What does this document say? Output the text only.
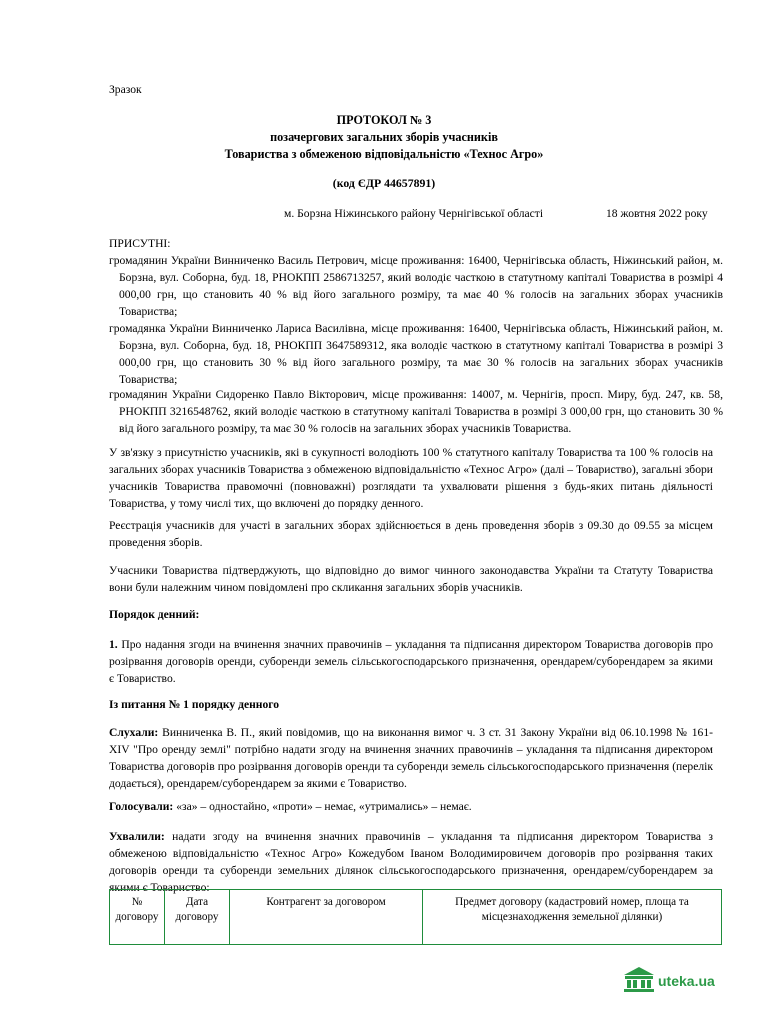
Зразок
ПРОТОКОЛ № 3
позачергових загальних зборів учасників
Товариства з обмеженою відповідальністю «Технос Агро»
(код ЄДР 44657891)
м. Борзна Ніжинського району Чернігівської області	18 жовтня 2022 року
ПРИСУТНІ:
громадянин України Винниченко Василь Петрович, місце проживання: 16400, Чернігівська область, Ніжинський район, м. Борзна, вул. Соборна, буд. 18, РНОКПП 2586713257, який володіє часткою в статутному капіталі Товариства в розмірі 4 000,00 грн, що становить 40 % від його загального розміру, та має 40 % голосів на загальних зборах учасників Товариства;
громадянка України Винниченко Лариса Василівна, місце проживання: 16400, Чернігівська область, Ніжинський район, м. Борзна, вул. Соборна, буд. 18, РНОКПП 3647589312, яка володіє часткою в статутному капіталі Товариства в розмірі 3 000,00 грн, що становить 30 % від його загального розміру, та має 30 % голосів на загальних зборах учасників Товариства;
громадянин України Сидоренко Павло Вікторович, місце проживання: 14007, м. Чернігів, просп. Миру, буд. 247, кв. 58, РНОКПП 3216548762, який володіє часткою в статутному капіталі Товариства в розмірі 3 000,00 грн, що становить 30 % від його загального розміру, та має 30 % голосів на загальних зборах учасників Товариства.
У зв'язку з присутністю учасників, які в сукупності володіють 100 % статутного капіталу Товариства та 100 % голосів на загальних зборах учасників Товариства з обмеженою відповідальністю «Технос Агро» (далі – Товариство), загальні збори учасників Товариства правомочні (повноважні) розглядати та ухвалювати рішення з будь-яких питань діяльності Товариства, у тому числі тих, що включені до порядку денного.
Реєстрація учасників для участі в загальних зборах здійснюється в день проведення зборів з 09.30 до 09.55 за місцем проведення зборів.
Учасники Товариства підтверджують, що відповідно до вимог чинного законодавства України та Статуту Товариства вони були належним чином повідомлені про скликання загальних зборів учасників.
Порядок денний:
1. Про надання згоди на вчинення значних правочинів – укладання та підписання директором Товариства договорів про розірвання договорів оренди, суборенди земель сільськогосподарського призначення, орендарем/суборендарем за якими є Товариство.
Із питання № 1 порядку денного
Слухали: Винниченка В. П., який повідомив, що на виконання вимог ч. 3 ст. 31 Закону України від 06.10.1998 № 161-XIV "Про оренду землі" потрібно надати згоду на вчинення значних правочинів – укладання та підписання директором Товариства договорів про розірвання договорів оренди та суборенди земель сільськогосподарського призначення (перелік додається), орендарем/суборендарем за якими є Товариство.
Голосували: «за» – одностайно, «проти» – немає, «утримались» – немає.
Ухвалили: надати згоду на вчинення значних правочинів – укладання та підписання директором Товариства з обмеженою відповідальністю «Технос Агро» Кожедубом Іваном Володимировичем договорів про розірвання таких договорів оренди та суборенди земельних ділянок сільськогосподарського призначення, орендарем/суборендарем за якими є Товариство:
№ договору	Дата договору	Контрагент за договором	Предмет договору (кадастровий номер, площа та місцезнаходження земельної ділянки)
uteka.ua
